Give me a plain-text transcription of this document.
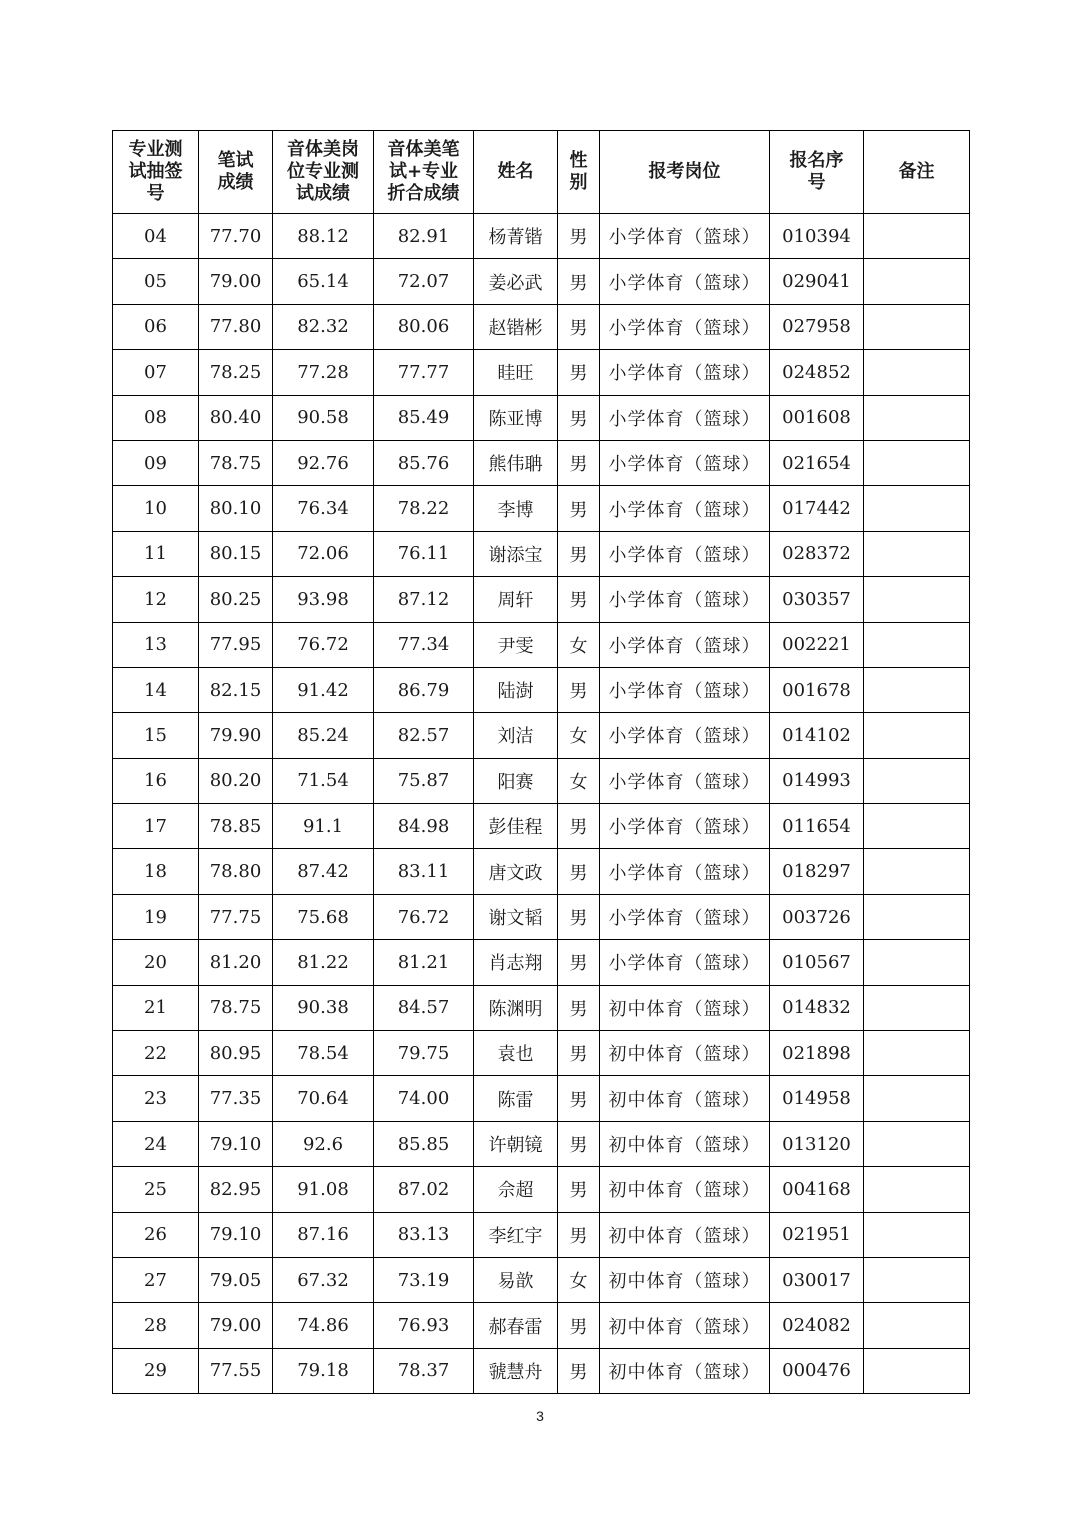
专业测试抽签号	笔试成绩	音体美岗位专业测试成绩	音体美笔试+专业折合成绩	姓名	性别	报考岗位	报名序号	备注
04	77.70	88.12	82.91	杨菁锴	男	小学体育（篮球）	010394	
05	79.00	65.14	72.07	姜必武	男	小学体育（篮球）	029041	
06	77.80	82.32	80.06	赵锴彬	男	小学体育（篮球）	027958	
07	78.25	77.28	77.77	眭旺	男	小学体育（篮球）	024852	
08	80.40	90.58	85.49	陈亚博	男	小学体育（篮球）	001608	
09	78.75	92.76	85.76	熊伟聃	男	小学体育（篮球）	021654	
10	80.10	76.34	78.22	李博	男	小学体育（篮球）	017442	
11	80.15	72.06	76.11	谢添宝	男	小学体育（篮球）	028372	
12	80.25	93.98	87.12	周轩	男	小学体育（篮球）	030357	
13	77.95	76.72	77.34	尹雯	女	小学体育（篮球）	002221	
14	82.15	91.42	86.79	陆澍	男	小学体育（篮球）	001678	
15	79.90	85.24	82.57	刘洁	女	小学体育（篮球）	014102	
16	80.20	71.54	75.87	阳赛	女	小学体育（篮球）	014993	
17	78.85	91.1	84.98	彭佳程	男	小学体育（篮球）	011654	
18	78.80	87.42	83.11	唐文政	男	小学体育（篮球）	018297	
19	77.75	75.68	76.72	谢文韬	男	小学体育（篮球）	003726	
20	81.20	81.22	81.21	肖志翔	男	小学体育（篮球）	010567	
21	78.75	90.38	84.57	陈渊明	男	初中体育（篮球）	014832	
22	80.95	78.54	79.75	袁也	男	初中体育（篮球）	021898	
23	77.35	70.64	74.00	陈雷	男	初中体育（篮球）	014958	
24	79.10	92.6	85.85	许朝镜	男	初中体育（篮球）	013120	
25	82.95	91.08	87.02	佘超	男	初中体育（篮球）	004168	
26	79.10	87.16	83.13	李红宇	男	初中体育（篮球）	021951	
27	79.05	67.32	73.19	易歆	女	初中体育（篮球）	030017	
28	79.00	74.86	76.93	郝春雷	男	初中体育（篮球）	024082	
29	77.55	79.18	78.37	虢慧舟	男	初中体育（篮球）	000476	
3
